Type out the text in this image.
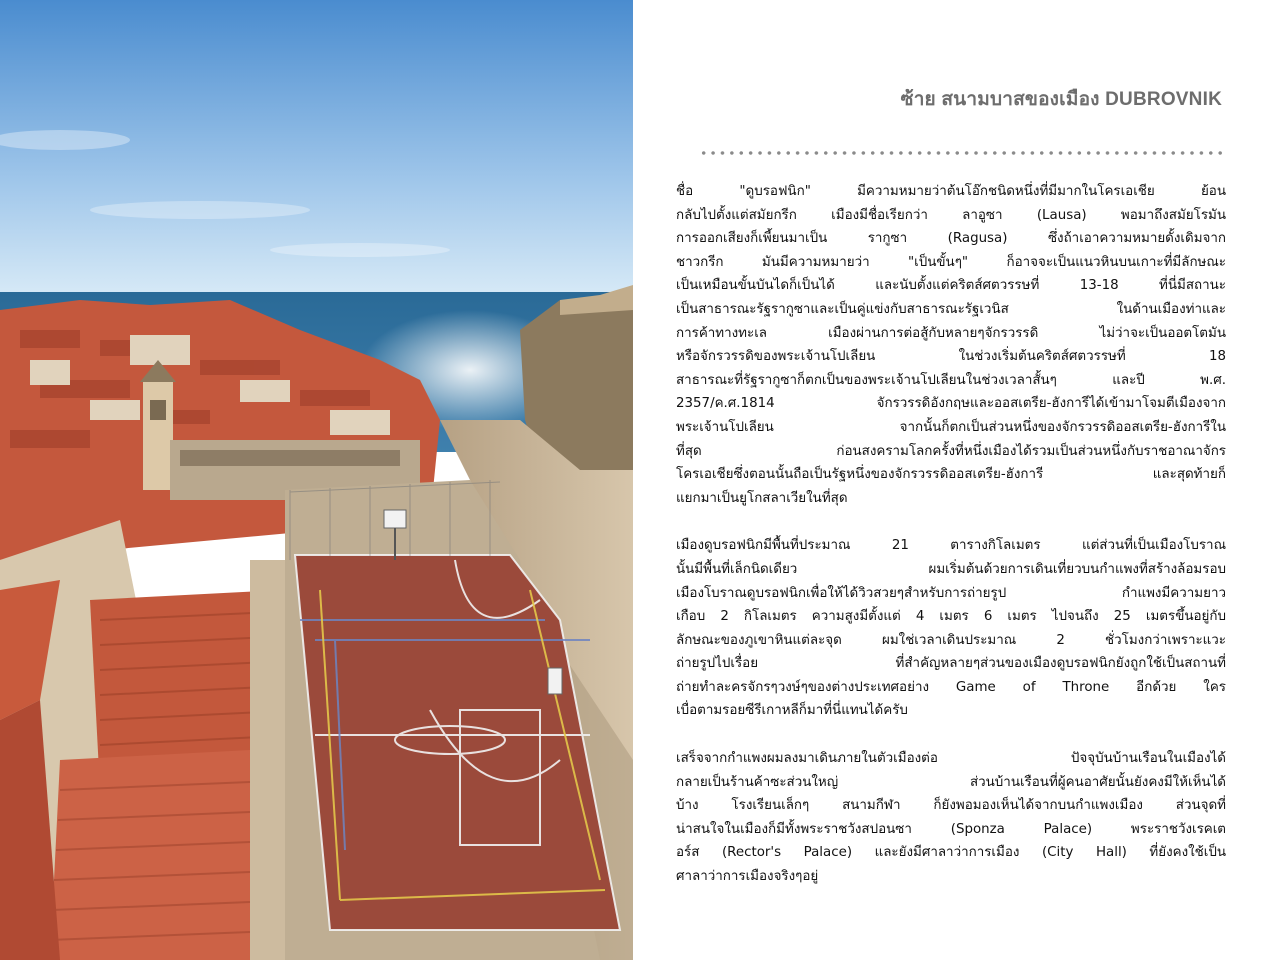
ซ้าย สนามบาสของเมือง DUBROVNIK
ชื่อ "ดูบรอฟนิก" มีความหมายว่าต้นโอ๊กชนิดหนึ่งที่มีมากในโครเอเชีย ย้อน
กลับไปตั้งแต่สมัยกรีก เมืองมีชื่อเรียกว่า ลาอูซา (Lausa) พอมาถึงสมัยโรมัน
การออกเสียงก็เพี้ยนมาเป็น รากูซา (Ragusa) ซึ่งถ้าเอาความหมายดั้งเดิมจาก
ชาวกรีก มันมีความหมายว่า "เป็นขั้นๆ" ก็อาจจะเป็นแนวหินบนเกาะที่มีลักษณะ
เป็นเหมือนขั้นบันไดก็เป็นได้ และนับตั้งแต่คริตส์ศตวรรษที่ 13-18 ที่นี่มีสถานะ
เป็นสาธารณะรัฐรากูซาและเป็นคู่แข่งกับสาธารณะรัฐเวนิส ในด้านเมืองท่าและ
การค้าทางทะเล เมืองผ่านการต่อสู้กับหลายๆจักรวรรดิ ไม่ว่าจะเป็นออตโตมัน
หรือจักรวรรดิของพระเจ้านโปเลียน ในช่วงเริ่มต้นคริตส์ศตวรรษที่ 18
สาธารณะที่รัฐรากูซาก็ตกเป็นของพระเจ้านโปเลียนในช่วงเวลาสั้นๆ และปี พ.ศ.
2357/ค.ศ.1814 จักรวรรดิอังกฤษและออสเตรีย-ฮังการีได้เข้ามาโจมตีเมืองจาก
พระเจ้านโปเลียน จากนั้นก็ตกเป็นส่วนหนึ่งของจักรวรรดิออสเตรีย-ฮังการีใน
ที่สุด ก่อนสงครามโลกครั้งที่หนึ่งเมืองได้รวมเป็นส่วนหนึ่งกับราชอาณาจักร
โครเอเชียซึ่งตอนนั้นถือเป็นรัฐหนึ่งของจักรวรรดิออสเตรีย-ฮังการี และสุดท้ายก็
แยกมาเป็นยูโกสลาเวียในที่สุด
เมืองดูบรอฟนิกมีพื้นที่ประมาณ 21 ตารางกิโลเมตร แต่ส่วนที่เป็นเมืองโบราณ
นั้นมีพื้นที่เล็กนิดเดียว ผมเริ่มต้นด้วยการเดินเที่ยวบนกำแพงที่สร้างล้อมรอบ
เมืองโบราณดูบรอฟนิกเพื่อให้ได้วิวสวยๆสำหรับการถ่ายรูป กำแพงมีความยาว
เกือบ 2 กิโลเมตร ความสูงมีตั้งแต่ 4 เมตร 6 เมตร ไปจนถึง 25 เมตรขึ้นอยู่กับ
ลักษณะของภูเขาหินแต่ละจุด ผมใช่เวลาเดินประมาณ 2 ชั่วโมงกว่าเพราะแวะ
ถ่ายรูปไปเรื่อย ที่สำคัญหลายๆส่วนของเมืองดูบรอฟนิกยังถูกใช้เป็นสถานที่
ถ่ายทำละครจักรๆวงษ์ๆของต่างประเทศอย่าง Game of Throne อีกด้วย ใคร
เบื่อตามรอยซีรีเกาหลีก็มาที่นี่แทนได้ครับ
เสร็จจากกำแพงผมลงมาเดินภายในตัวเมืองต่อ ปัจจุบันบ้านเรือนในเมืองได้
กลายเป็นร้านค้าซะส่วนใหญ่ ส่วนบ้านเรือนที่ผู้คนอาศัยนั้นยังคงมีให้เห็นได้
บ้าง โรงเรียนเล็กๆ สนามกีฬา ก็ยังพอมองเห็นได้จากบนกำแพงเมือง ส่วนจุดที่
น่าสนใจในเมืองก็มีทั้งพระราชวังสปอนซา (Sponza Palace) พระราชวังเรคเต
อร์ส (Rector's Palace) และยังมีศาลาว่าการเมือง (City Hall) ที่ยังคงใช้เป็น
ศาลาว่าการเมืองจริงๆอยู่
